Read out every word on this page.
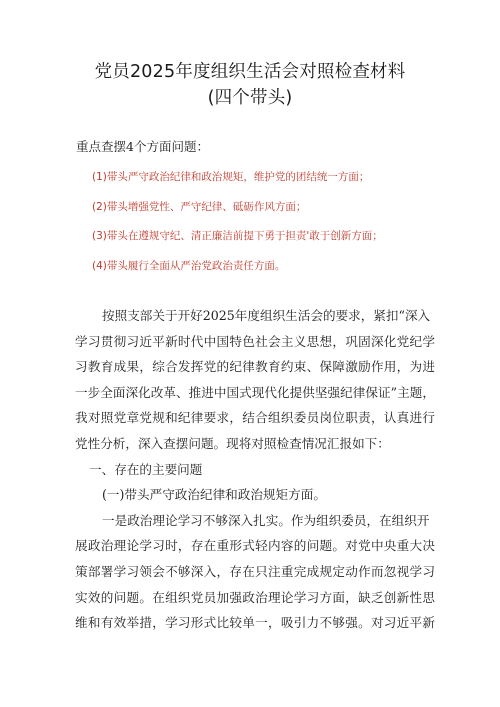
党员2025年度组织生活会对照检查材料
(四个带头)
重点查摆4个方面问题：
(1)带头严守政治纪律和政治规矩，维护党的团结统一方面；
(2)带头增强党性、严守纪律、砥砺作风方面；
(3)带头在遵规守纪、清正廉洁前提下勇于担责'敢于创新方面；
(4)带头履行全面从严治党政治责任方面。

按照支部关于开好2025年度组织生活会的要求，紧扣“深入

学习贯彻习近平新时代中国特色社会主义思想，巩固深化党纪学

习教育成果，综合发挥党的纪律教育约束、保障激励作用，为进

一步全面深化改革、推进中国式现代化提供坚强纪律保证”主题，

我对照党章党规和纪律要求，结合组织委员岗位职责，认真进行

党性分析，深入查摆问题。现将对照检查情况汇报如下：

一、存在的主要问题

(一)带头严守政治纪律和政治规矩方面。

一是政治理论学习不够深入扎实。作为组织委员，在组织开

展政治理论学习时，存在重形式轻内容的问题。对党中央重大决

策部署学习领会不够深入，存在只注重完成规定动作而忽视学习

实效的问题。在组织党员加强政治理论学习方面，缺乏创新性思

维和有效举措，学习形式比较单一，吸引力不够强。对习近平新
